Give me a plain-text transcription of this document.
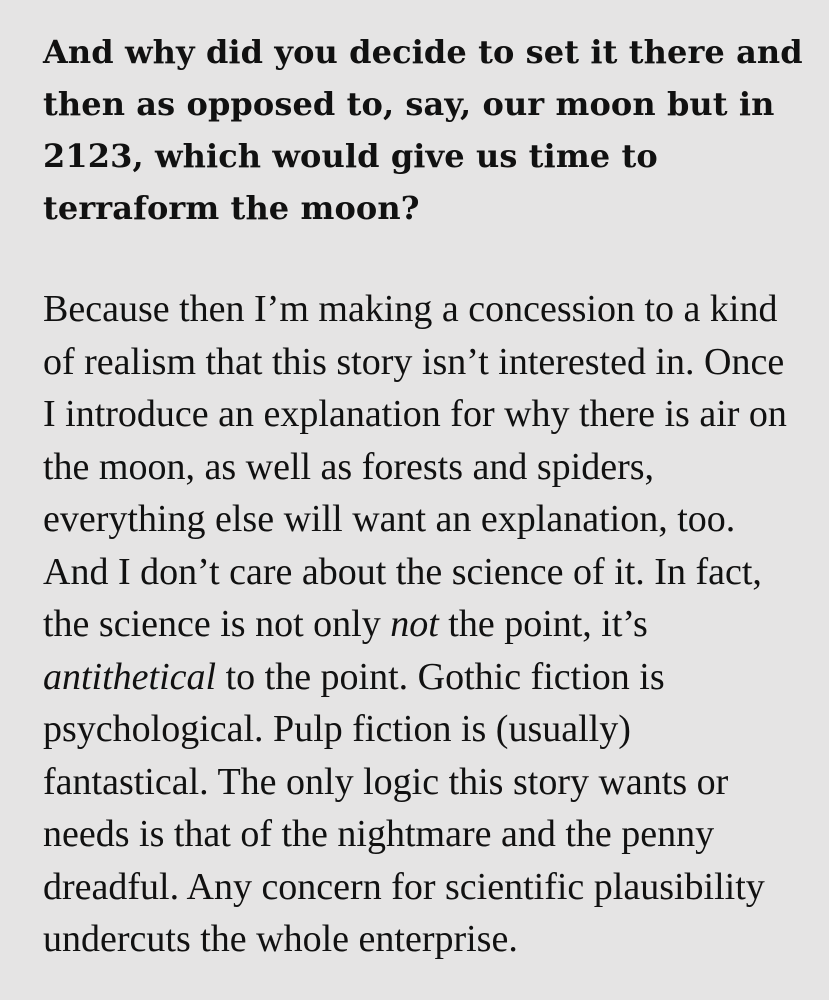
And why did you decide to set it there and then as opposed to, say, our moon but in 2123, which would give us time to terraform the moon?

Because then I’m making a concession to a kind of realism that this story isn’t interested in. Once I introduce an explanation for why there is air on the moon, as well as forests and spiders, everything else will want an explanation, too. And I don’t care about the science of it. In fact, the science is not only not the point, it’s antithetical to the point. Gothic fiction is psychological. Pulp fiction is (usually) fantastical. The only logic this story wants or needs is that of the nightmare and the penny dreadful. Any concern for scientific plausibility undercuts the whole enterprise.
